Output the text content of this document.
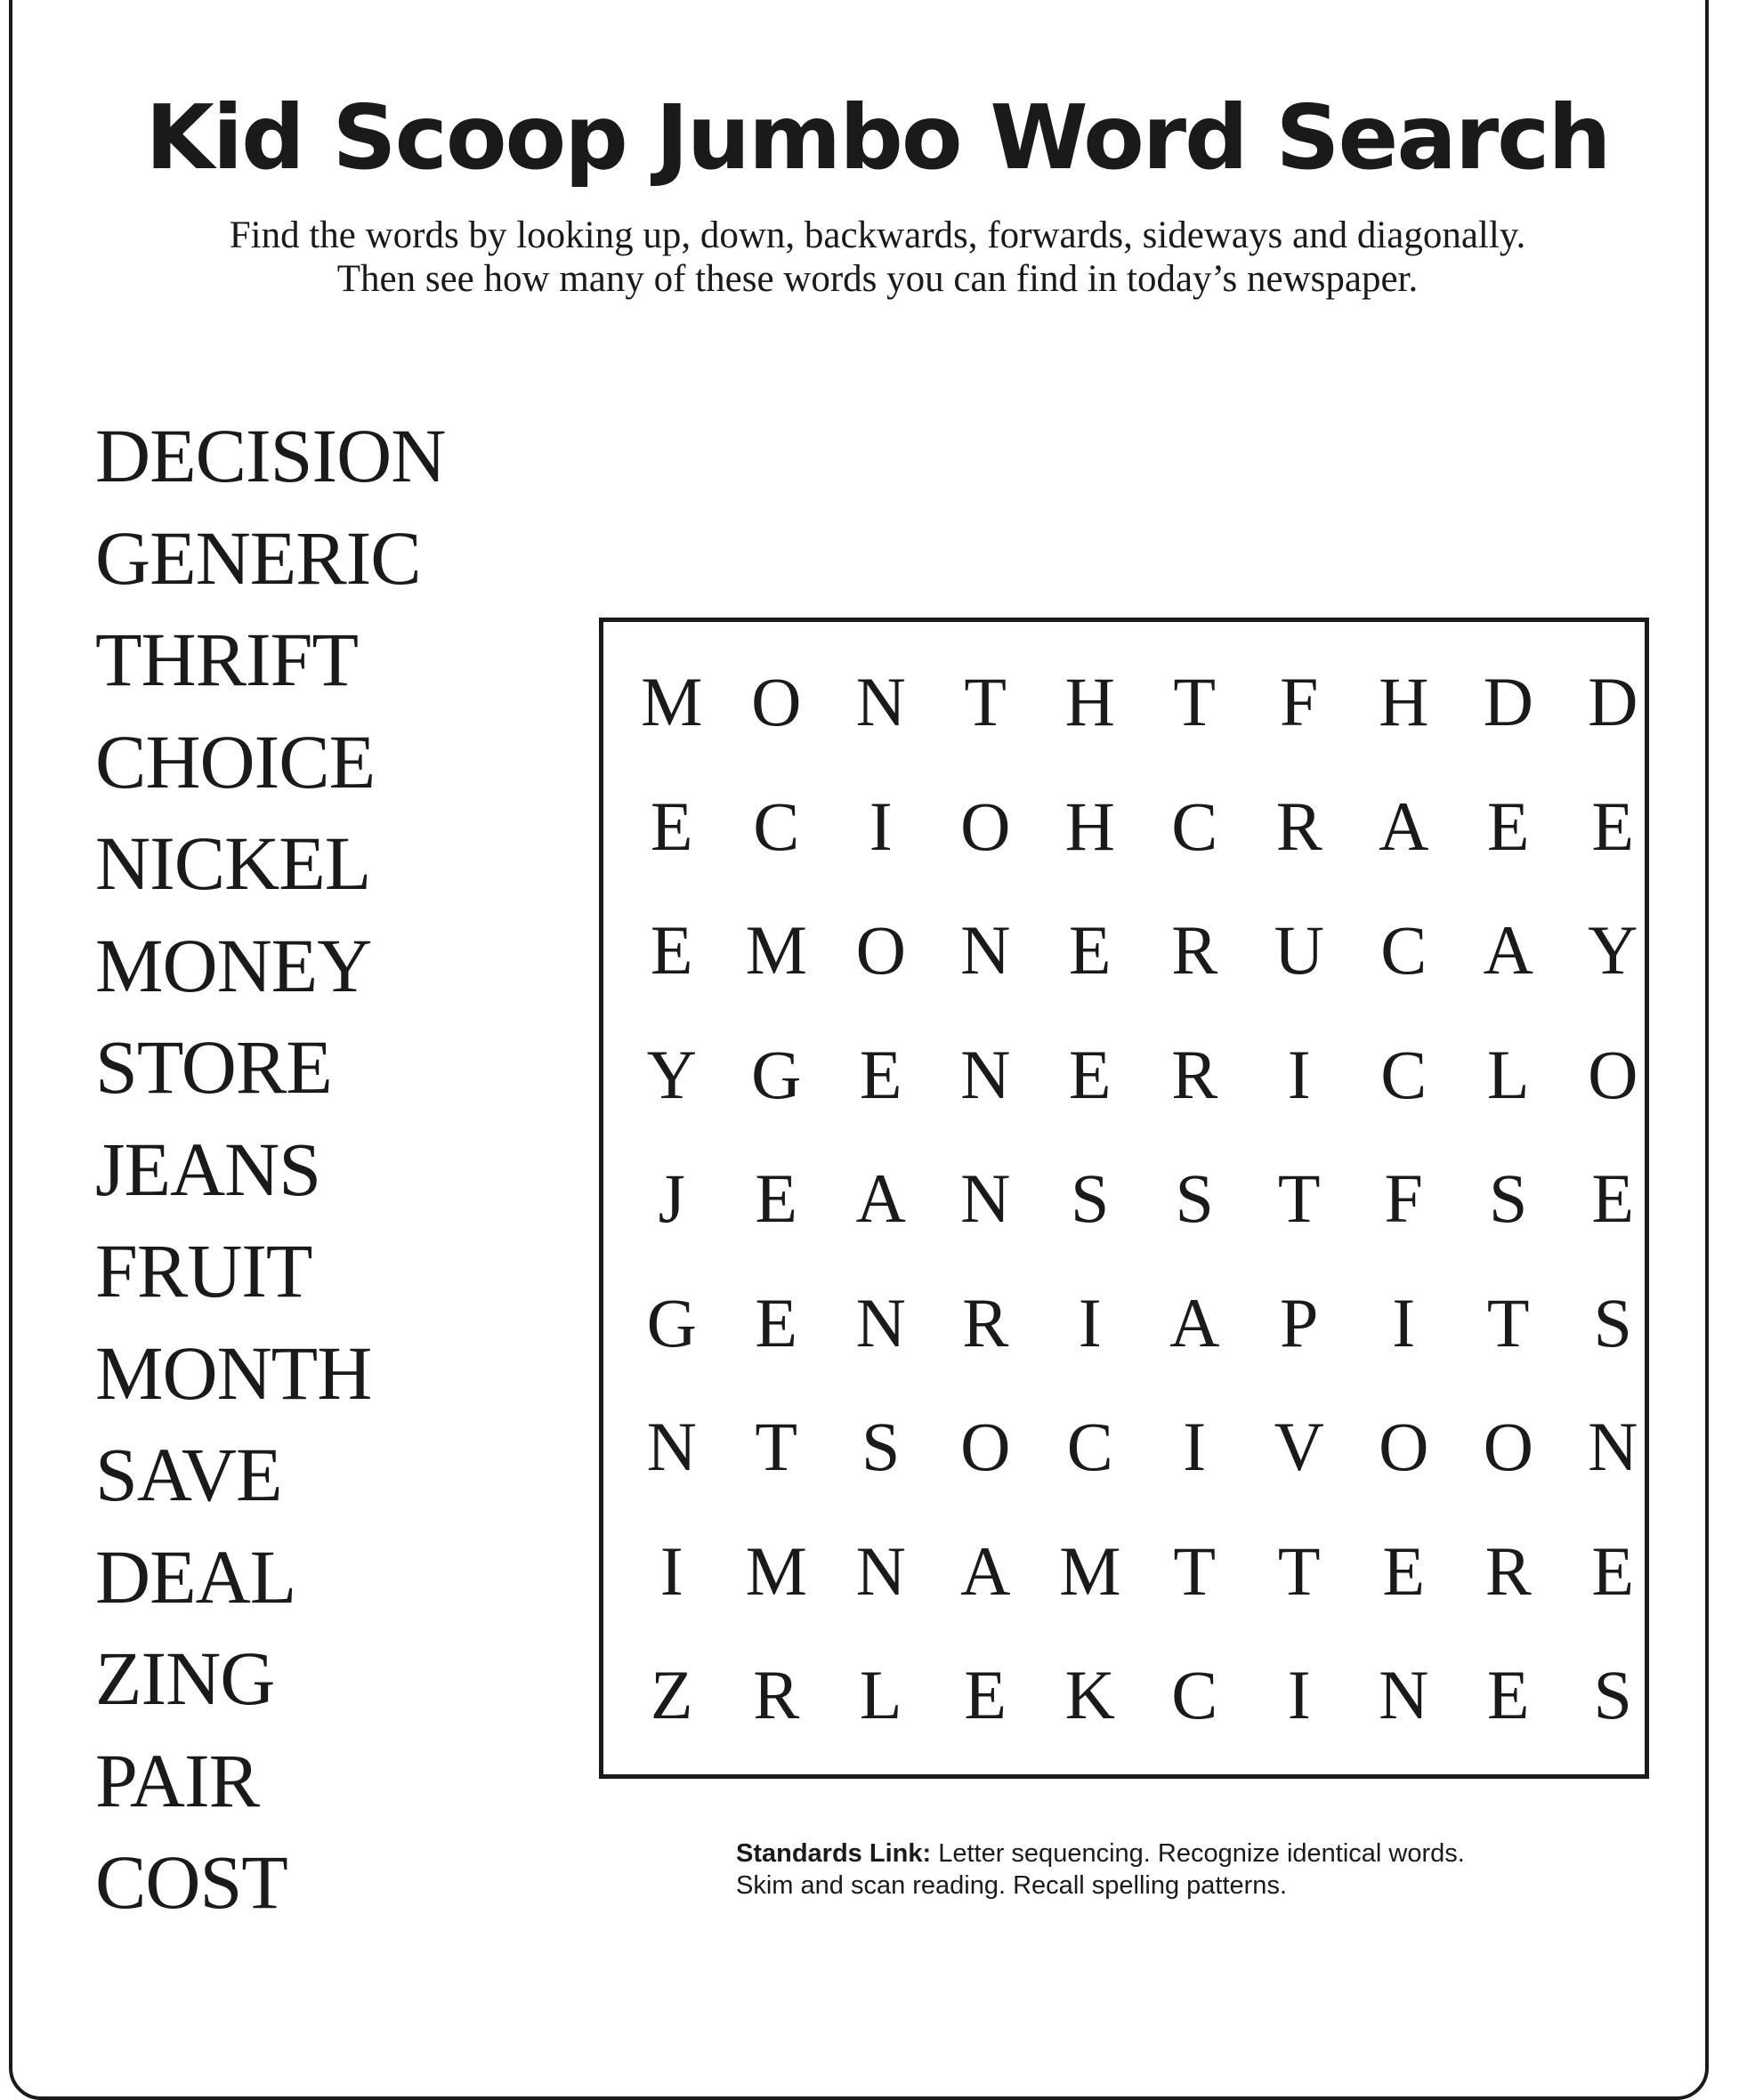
Kid Scoop Jumbo Word Search
Find the words by looking up, down, backwards, forwards, sideways and diagonally.
Then see how many of these words you can find in today’s newspaper.
DECISION
GENERIC
THRIFT
CHOICE
NICKEL
MONEY
STORE
JEANS
FRUIT
MONTH
SAVE
DEAL
ZING
PAIR
COST
M O N T H T F H D D
E C	I O H C R A E E
E M O N E R U C A Y
Y G E N E R	I	C L O
J	E A N S S T F S E
G E N R	I A P	I	T S
N T S O C	I V O O N
I M N A M T T E R E
Z R L E K C	I N E S
Standards Link: Letter sequencing. Recognize identical words.
Skim and scan reading. Recall spelling patterns.
